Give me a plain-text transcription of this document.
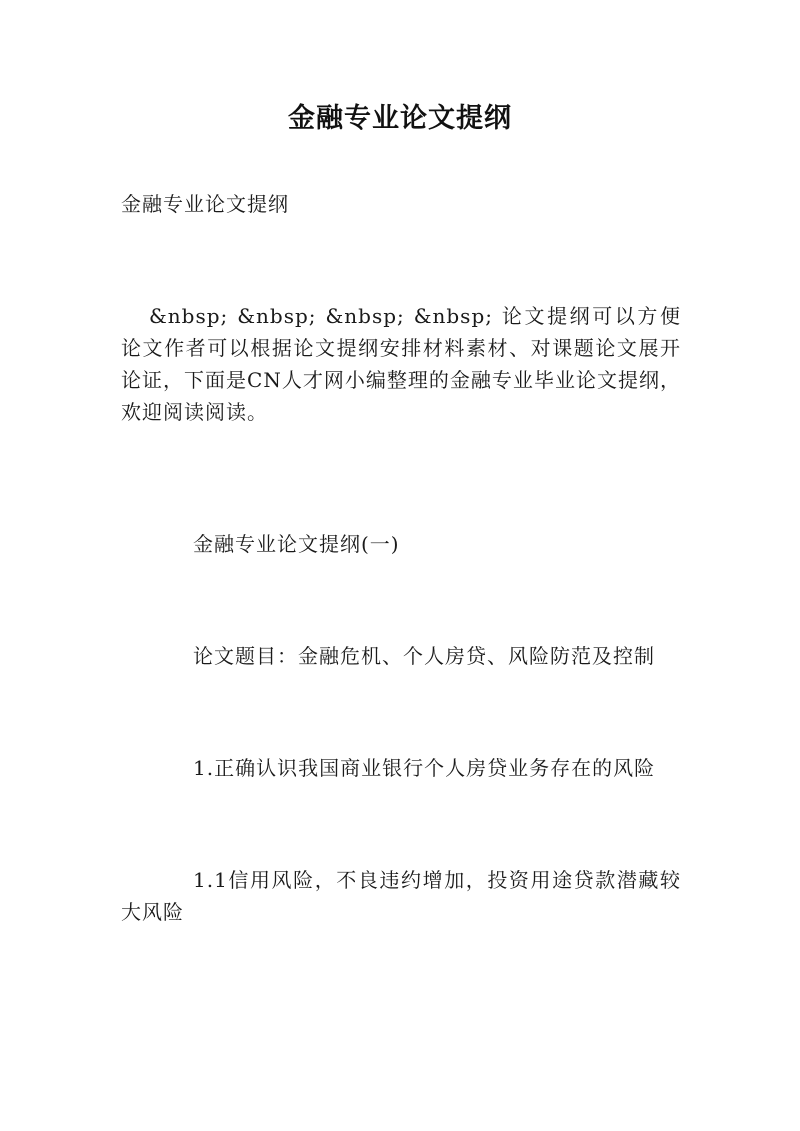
金融专业论文提纲

金融专业论文提纲

&nbsp; &nbsp; &nbsp; &nbsp; 论文提纲可以方便论文作者可以根据论文提纲安排材料素材、对课题论文展开论证，下面是CN人才网小编整理的金融专业毕业论文提纲，欢迎阅读阅读。

金融专业论文提纲(一)

论文题目：金融危机、个人房贷、风险防范及控制

1.正确认识我国商业银行个人房贷业务存在的风险

1.1信用风险，不良违约增加，投资用途贷款潜藏较大风险
